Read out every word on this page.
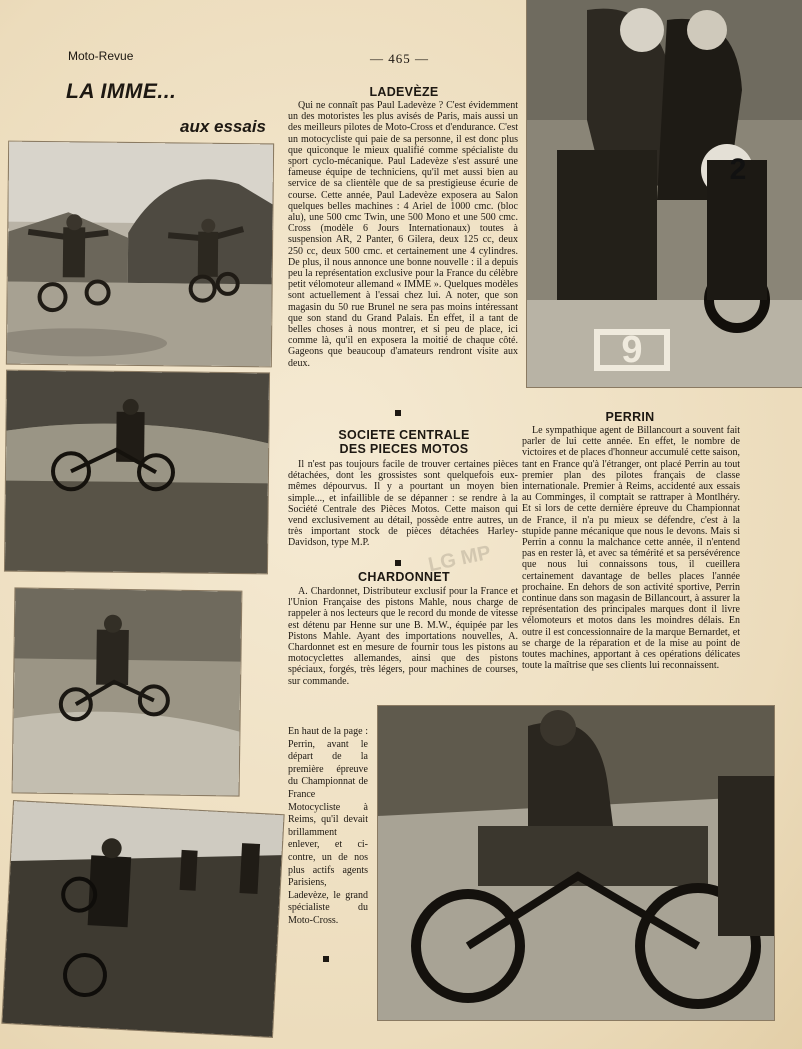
Moto-Revue	— 465 —
LA IMME...
aux essais
2
9
LADEVÈZE

Qui ne connaît pas Paul Ladevèze ? C'est évidemment un des motoristes les plus avisés de Paris, mais aussi un des meilleurs pilotes de Moto-Cross et d'endurance. C'est un motocycliste qui paie de sa personne, il est donc plus que quiconque le mieux qualifié comme spécialiste du sport cyclo-mécanique. Paul Ladevèze s'est assuré une fameuse équipe de techniciens, qu'il met aussi bien au service de sa clientèle que de sa prestigieuse écurie de course. Cette année, Paul Ladevèze exposera au Salon quelques belles machines : 4 Ariel de 1000 cmc. (bloc alu), une 500 cmc Twin, une 500 Mono et une 500 cmc. Cross (modèle 6 Jours Internationaux) toutes à suspension AR, 2 Panter, 6 Gilera, deux 125 cc, deux 250 cc, deux 500 cmc. et certainement une 4 cylindres. De plus, il nous annonce une bonne nouvelle : il a depuis peu la représentation exclusive pour la France du célèbre petit vélomoteur allemand « IMME ». Quelques modèles sont actuellement à l'essai chez lui. A noter, que son magasin du 50 rue Brunel ne sera pas moins intéressant que son stand du Grand Palais. En effet, il a tant de belles choses à nous montrer, et si peu de place, ici comme là, qu'il en exposera la moitié de chaque côté. Gageons que beaucoup d'amateurs rendront visite aux deux.

SOCIETE CENTRALE
DES PIECES MOTOS

Il n'est pas toujours facile de trouver certaines pièces détachées, dont les grossistes sont quelquefois eux-mêmes dépourvus. Il y a pourtant un moyen bien simple..., et infaillible de se dépanner : se rendre à la Société Centrale des Pièces Motos. Cette maison qui vend exclusivement au détail, possède entre autres, un très important stock de pièces détachées Harley-Davidson, type M.P.

CHARDONNET

A. Chardonnet, Distributeur exclusif pour la France et l'Union Française des pistons Mahle, nous charge de rappeler à nos lecteurs que le record du monde de vitesse est détenu par Henne sur une B. M.W., équipée par les Pistons Mahle. Ayant des importations nouvelles, A. Chardonnet est en mesure de fournir tous les pistons au motocyclettes allemandes, ainsi que des pistons spéciaux, forgés, très légers, pour machines de courses, sur commande.

PERRIN

Le sympathique agent de Billancourt a souvent fait parler de lui cette année. En effet, le nombre de victoires et de places d'honneur accumulé cette saison, tant en France qu'à l'étranger, ont placé Perrin au tout premier plan des pilotes français de classe internationale. Premier à Reims, accidenté aux essais au Comminges, il comptait se rattraper à Montlhéry. Et si lors de cette dernière épreuve du Championnat de France, il n'a pu mieux se défendre, c'est à la stupide panne mécanique que nous le devons. Mais si Perrin a connu la malchance cette année, il n'entend pas en rester là, et avec sa témérité et sa persévérence que nous lui connaissons tous, il cueillera certainement davantage de belles places l'année prochaine. En dehors de son activité sportive, Perrin continue dans son magasin de Billancourt, à assurer la représentation des principales marques dont il livre vélomoteurs et motos dans les moindres délais. En outre il est concessionnaire de la marque Bernardet, et se charge de la réparation et de la mise au point de toutes machines, apportant à ces opérations délicates toute la maîtrise que ses clients lui reconnaissent.

En haut de la page : Perrin, avant le départ de la première épreuve du Championnat de France Motocycliste à Reims, qu'il devait brillamment enlever, et ci-contre, un de nos plus actifs agents Parisiens, Ladevèze, le grand spécialiste du Moto-Cross.
LG MP
